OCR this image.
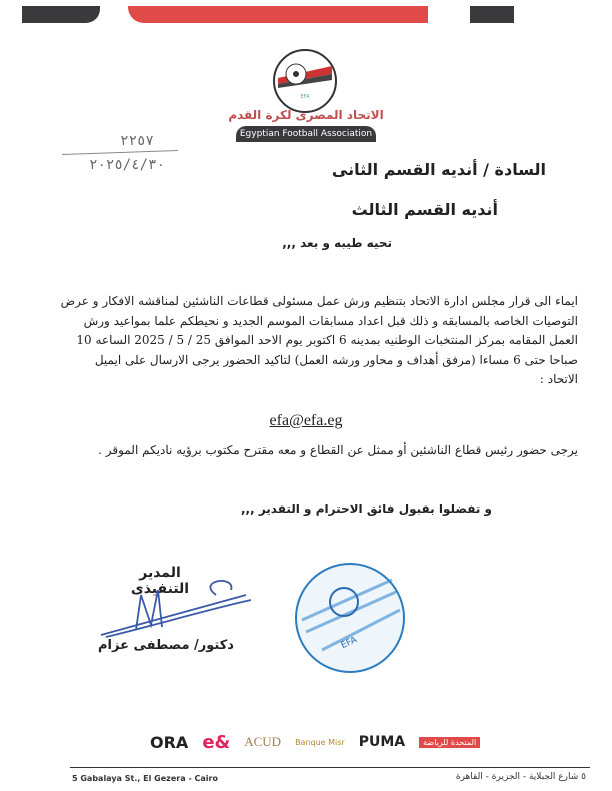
EFA
الاتحاد المصرى لكرة القدم
Egyptian Football Association
٢٢٥٧
٢٠٢٥/٤/٣٠	السادة / أنديه القسم الثانى
أنديه القسم الثالث
تحيه طيبه و بعد ,,,
ايماء الى قرار مجلس ادارة الاتحاد بتنظيم ورش عمل مسئولى قطاعات الناشئين لمناقشه الافكار و عرض
التوصيات الخاصه بالمسابقه و ذلك قبل اعداد مسابقات الموسم الجديد و نحيطكم علما بمواعيد ورش
العمل المقامه بمركز المنتخبات الوطنيه بمدينه 6 اكتوبر يوم الاحد الموافق 25 / 5 / 2025 الساعه 10
صباحا حتى 6 مساءا (مرفق أهداف و محاور ورشه العمل) لتاكيد الحضور يرجى الارسال على ايميل
الاتحاد :
efa@efa.eg
يرجى حضور رئيس قطاع الناشئين أو ممثل عن القطاع و معه مقترح مكتوب برؤيه ناديكم الموقر .
و تفضلوا بقبول فائق الاحترام و التقدير ,,,
المدير التنفيذى
دكتور/ مصطفى عزام	EFA
ORA e& ACUD Banque Misr PUMA	المتحدة للرياضة
5 Gabalaya St., El Gezera - Cairo	٥ شارع الجبلاية - الجزيرة - القاهرة
